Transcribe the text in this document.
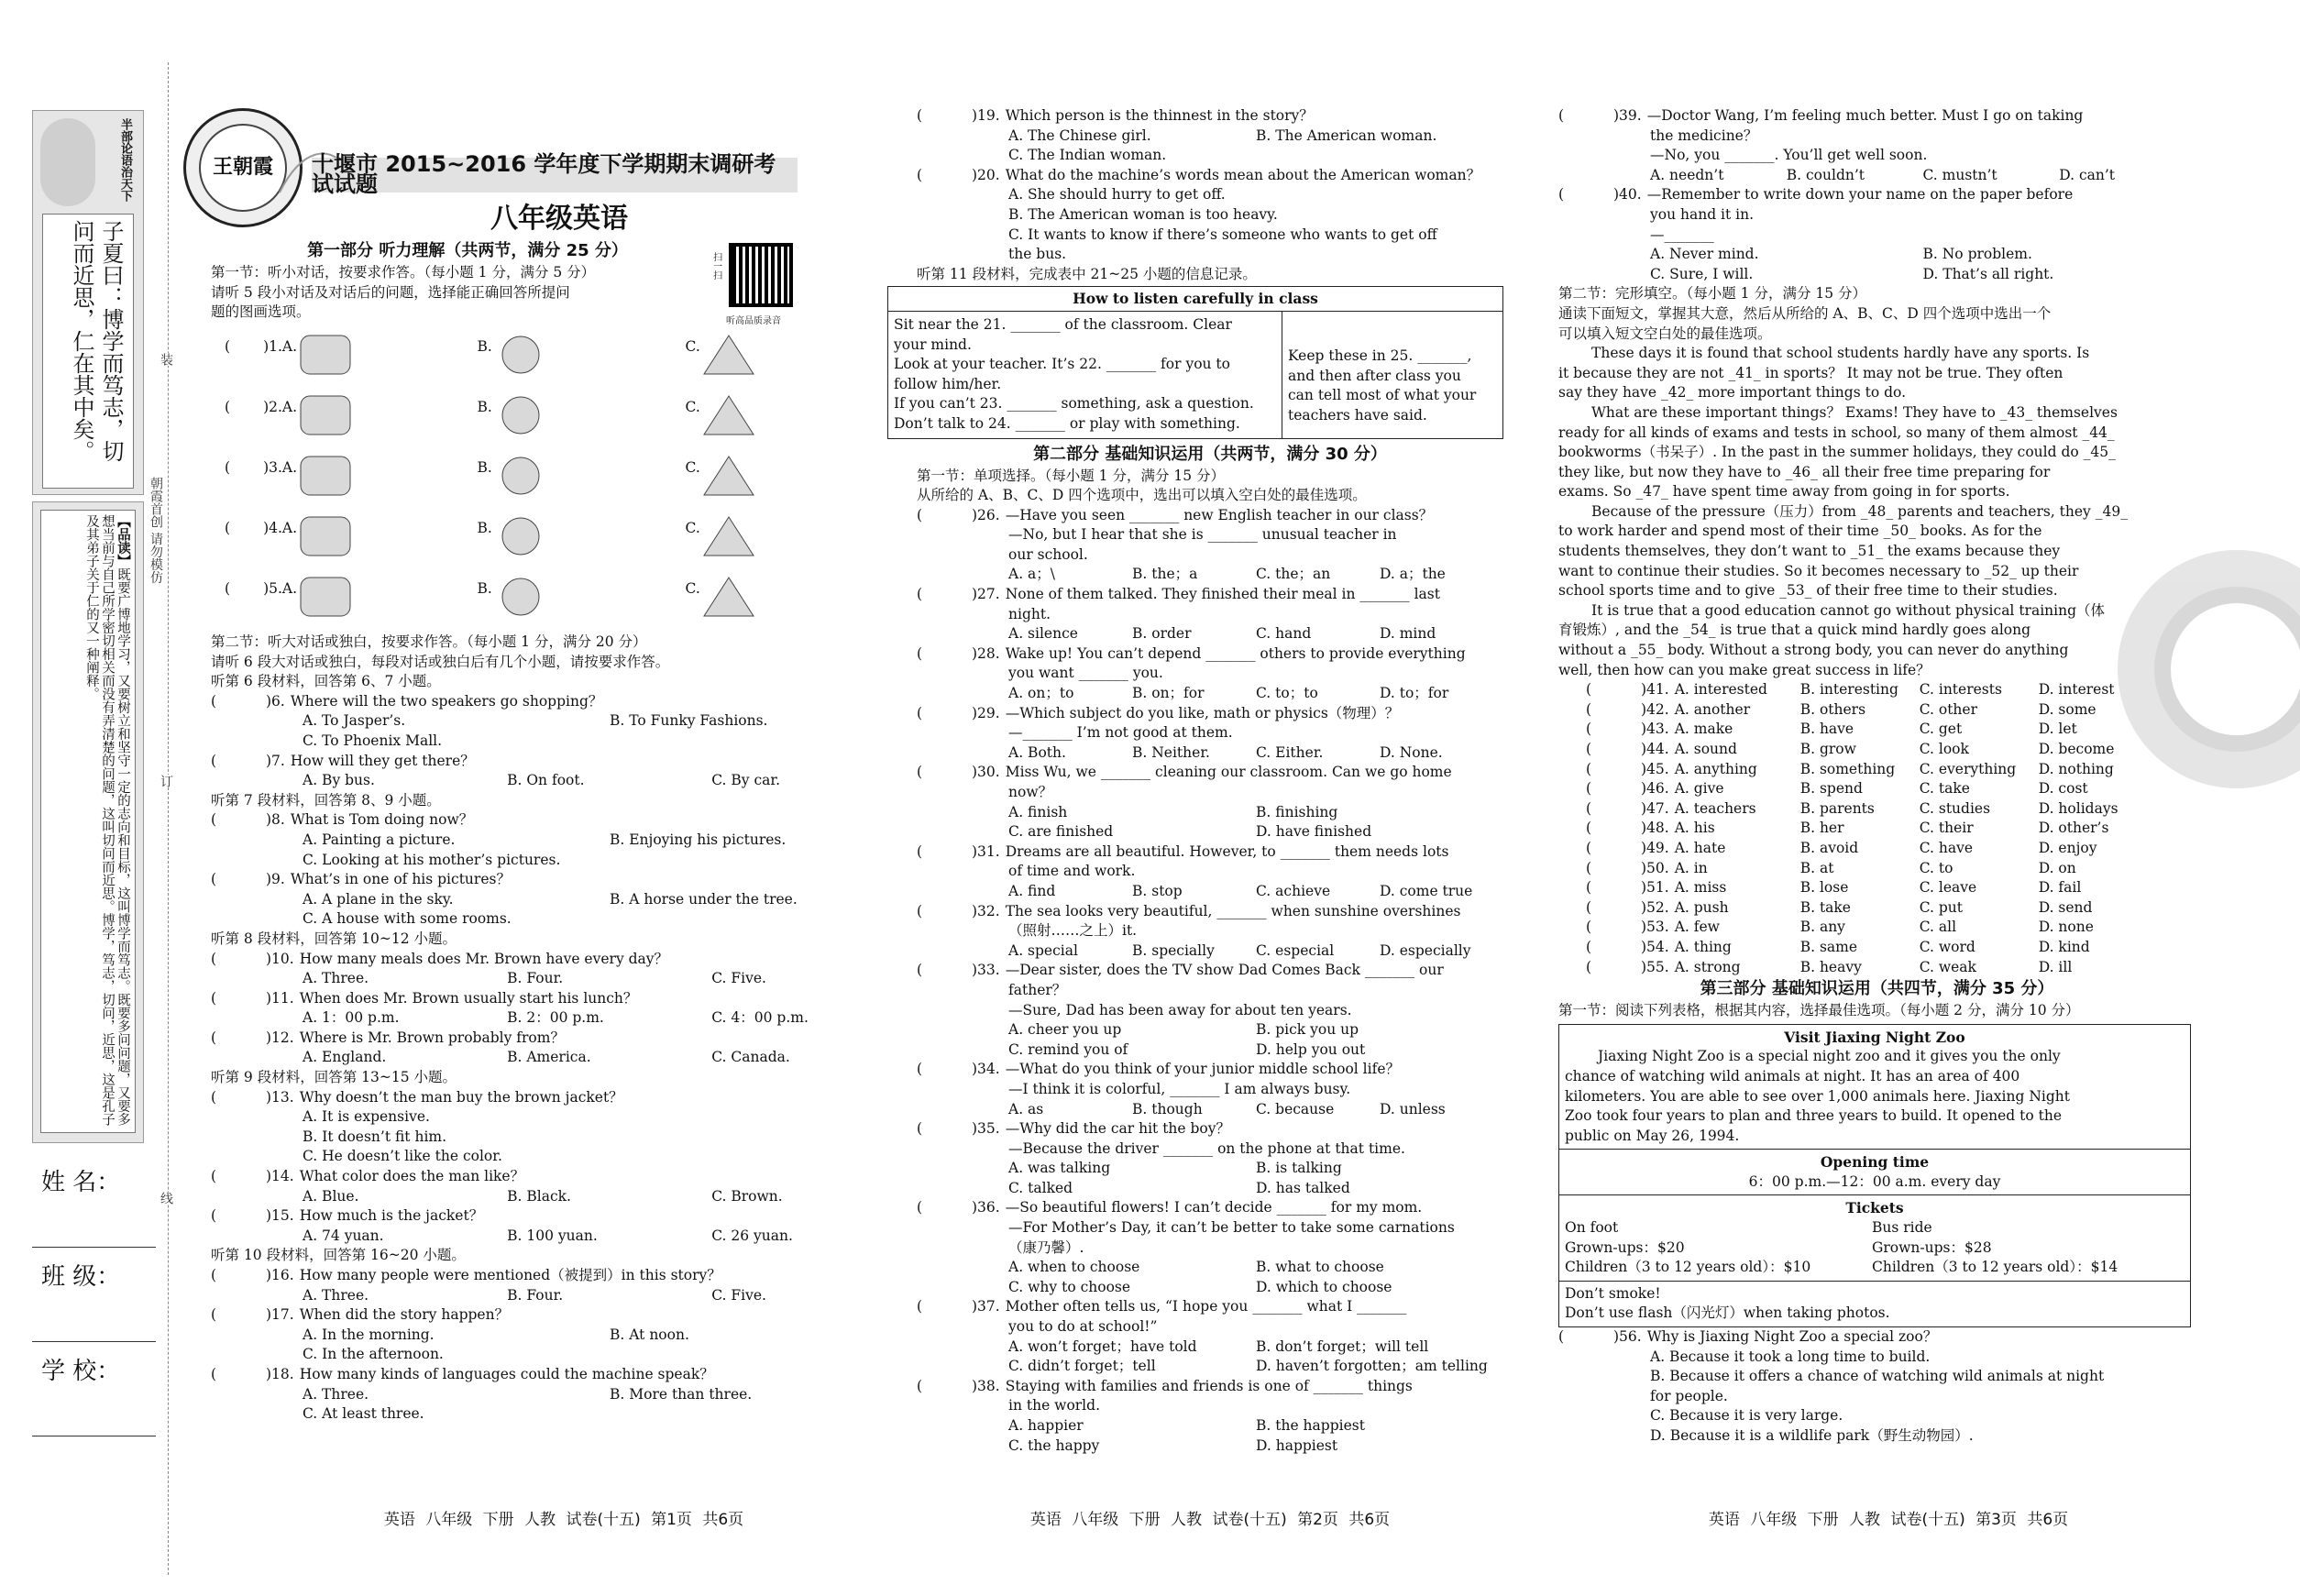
半部论语治天下
子夏曰：博学而笃志，切问而近思，仁在其中矣。
【品读】既要广博地学习，又要树立和坚守一定的志向和目标，这叫博学而笃志。既要多问问题，又要多想当前与自己所学密切相关而没有弄清楚的问题，这叫切问而近思。博学，笃志，切问，近思，这是孔子及其弟子关于仁的又一种阐释。
姓 名：
班 级：
学 校：
装
订
线
朝霞首创 请勿模仿
王朝霞	十堰市 2015~2016 学年度下学期期末调研考试试题
八年级英语
扫一扫
听高品质录音
第一部分 听力理解（共两节，满分 25 分）
第一节：听小对话，按要求作答。（每小题 1 分，满分 5 分）
请听 5 段小对话及对话后的问题，选择能正确回答所提问
题的图画选项。
( )1.A.	B.	C.
( )2.A.	B.	C.
( )3.A.	B.	C.
( )4.A.	B.	C.
( )5.A.	B.	C.
第二节：听大对话或独白，按要求作答。（每小题 1 分，满分 20 分）
请听 6 段大对话或独白，每段对话或独白后有几个小题，请按要求作答。
听第 6 段材料，回答第 6、7 小题。
(	)6. Where will the two speakers go shopping？
A. To Jasper’s.	B. To Funky Fashions.
C. To Phoenix Mall.
(	)7. How will they get there？
A. By bus.	B. On foot.	C. By car.
听第 7 段材料，回答第 8、9 小题。
(	)8. What is Tom doing now？
A. Painting a picture.	B. Enjoying his pictures.
C. Looking at his mother’s pictures.
(	)9. What’s in one of his pictures？
A. A plane in the sky.	B. A horse under the tree.
C. A house with some rooms.
听第 8 段材料，回答第 10~12 小题。
(	)10. How many meals does Mr. Brown have every day？
A. Three.	B. Four.	C. Five.
(	)11. When does Mr. Brown usually start his lunch？
A. 1：00 p.m.	B. 2：00 p.m.	C. 4：00 p.m.
(	)12. Where is Mr. Brown probably from？
A. England.	B. America.	C. Canada.
听第 9 段材料，回答第 13~15 小题。
(	)13. Why doesn’t the man buy the brown jacket？
A. It is expensive.
B. It doesn’t fit him.
C. He doesn’t like the color.
(	)14. What color does the man like？
A. Blue.	B. Black.	C. Brown.
(	)15. How much is the jacket？
A. 74 yuan.	B. 100 yuan.	C. 26 yuan.
听第 10 段材料，回答第 16~20 小题。
(	)16. How many people were mentioned（被提到）in this story？
A. Three.	B. Four.	C. Five.
(	)17. When did the story happen？
A. In the morning.	B. At noon.
C. In the afternoon.
(	)18. How many kinds of languages could the machine speak？
A. Three.	B. More than three.
C. At least three.
英语 八年级 下册 人教 试卷(十五) 第1页 共6页
(	)19. Which person is the thinnest in the story？
A. The Chinese girl.	B. The American woman.
C. The Indian woman.
(	)20. What do the machine’s words mean about the American woman？
A. She should hurry to get off.
B. The American woman is too heavy.
C. It wants to know if there’s someone who wants to get off
the bus.
听第 11 段材料，完成表中 21~25 小题的信息记录。
How to listen carefully in class
Sit near the 21. _______ of the classroom. Clear
your mind.
Look at your teacher. It’s 22. _______ for you to
follow him/her.
If you can’t 23. _______ something, ask a question.
Don’t talk to 24. _______ or play with something.
Keep these in 25. _______,
and then after class you
can tell most of what your
teachers have said.
第二部分 基础知识运用（共两节，满分 30 分）
第一节：单项选择。（每小题 1 分，满分 15 分）
从所给的 A、B、C、D 四个选项中，选出可以填入空白处的最佳选项。
(	)26. —Have you seen _______ new English teacher in our class？
—No, but I hear that she is _______ unusual teacher in
our school.
A. a；\	B. the；a	C. the；an	D. a；the
(	)27. None of them talked. They finished their meal in _______ last
night.
A. silence	B. order	C. hand	D. mind
(	)28. Wake up! You can’t depend _______ others to provide everything
you want _______ you.
A. on；to	B. on；for	C. to；to	D. to；for
(	)29. —Which subject do you like, math or physics（物理）？
—_______ I’m not good at them.
A. Both.	B. Neither.	C. Either.	D. None.
(	)30. Miss Wu, we _______ cleaning our classroom. Can we go home
now？
A. finish	B. finishing
C. are finished	D. have finished
(	)31. Dreams are all beautiful. However, to _______ them needs lots
of time and work.
A. find	B. stop	C. achieve	D. come true
(	)32. The sea looks very beautiful, _______ when sunshine overshines
（照射……之上）it.
A. special	B. specially	C. especial	D. especially
(	)33. —Dear sister, does the TV show Dad Comes Back _______ our
father？
—Sure, Dad has been away for about ten years.
A. cheer you up	B. pick you up
C. remind you of	D. help you out
(	)34. —What do you think of your junior middle school life？
—I think it is colorful, _______ I am always busy.
A. as	B. though	C. because	D. unless
(	)35. —Why did the car hit the boy？
—Because the driver _______ on the phone at that time.
A. was talking	B. is talking
C. talked	D. has talked
(	)36. —So beautiful flowers! I can’t decide _______ for my mom.
—For Mother’s Day, it can’t be better to take some carnations
（康乃馨）.
A. when to choose	B. what to choose
C. why to choose	D. which to choose
(	)37. Mother often tells us, “I hope you _______ what I _______
you to do at school!”
A. won’t forget；have told	B. don’t forget；will tell
C. didn’t forget；tell	D. haven’t forgotten；am telling
(	)38. Staying with families and friends is one of _______ things
in the world.
A. happier	B. the happiest
C. the happy	D. happiest
英语 八年级 下册 人教 试卷(十五) 第2页 共6页
(	)39. —Doctor Wang, I’m feeling much better. Must I go on taking
the medicine？
—No, you _______. You’ll get well soon.
A. needn’t	B. couldn’t	C. mustn’t	D. can’t
(	)40. —Remember to write down your name on the paper before
you hand it in.
—_______
A. Never mind.	B. No problem.
C. Sure, I will.	D. That’s all right.
第二节：完形填空。（每小题 1 分，满分 15 分）
通读下面短文，掌握其大意，然后从所给的 A、B、C、D 四个选项中选出一个
可以填入短文空白处的最佳选项。
These days it is found that school students hardly have any sports. Is
it because they are not _41_ in sports？ It may not be true. They often
say they have _42_ more important things to do.
What are these important things？ Exams! They have to _43_ themselves
ready for all kinds of exams and tests in school, so many of them almost _44_
bookworms（书呆子）. In the past in the summer holidays, they could do _45_
they like, but now they have to _46_ all their free time preparing for
exams. So _47_ have spent time away from going in for sports.
Because of the pressure（压力）from _48_ parents and teachers, they _49_
to work harder and spend most of their time _50_ books. As for the
students themselves, they don’t want to _51_ the exams because they
want to continue their studies. So it becomes necessary to _52_ up their
school sports time and to give _53_ of their free time to their studies.
It is true that a good education cannot go without physical training（体
育锻炼）, and the _54_ is true that a quick mind hardly goes along
without a _55_ body. Without a strong body, you can never do anything
well, then how can you make great success in life？
(	)41. A. interested B. interesting C. interests	D. interest
(	)42. A. another	B. others	C. other	D. some
(	)43. A. make	B. have	C. get	D. let
(	)44. A. sound	B. grow	C. look	D. become
(	)45. A. anything	B. something C. everything D. nothing
(	)46. A. give	B. spend	C. take	D. cost
(	)47. A. teachers	B. parents	C. studies	D. holidays
(	)48. A. his	B. her	C. their	D. other’s
(	)49. A. hate	B. avoid	C. have	D. enjoy
(	)50. A. in	B. at	C. to	D. on
(	)51. A. miss	B. lose	C. leave	D. fail
(	)52. A. push	B. take	C. put	D. send
(	)53. A. few	B. any	C. all	D. none
(	)54. A. thing	B. same	C. word	D. kind
(	)55. A. strong	B. heavy	C. weak	D. ill
第三部分 基础知识运用（共四节，满分 35 分）
第一节：阅读下列表格，根据其内容，选择最佳选项。（每小题 2 分，满分 10 分）
Visit Jiaxing Night Zoo
Jiaxing Night Zoo is a special night zoo and it gives you the only
chance of watching wild animals at night. It has an area of 400
kilometers. You are able to see over 1,000 animals here. Jiaxing Night
Zoo took four years to plan and three years to build. It opened to the
public on May 26, 1994.
Opening time
6：00 p.m.—12：00 a.m. every day
Tickets
On foot	Bus ride
Grown-ups：$20	Grown-ups：$28
Children（3 to 12 years old）：$10	Children（3 to 12 years old）：$14
Don’t smoke!
Don’t use flash（闪光灯）when taking photos.
(	)56. Why is Jiaxing Night Zoo a special zoo？
A. Because it took a long time to build.
B. Because it offers a chance of watching wild animals at night
for people.
C. Because it is very large.
D. Because it is a wildlife park（野生动物园）.
英语 八年级 下册 人教 试卷(十五) 第3页 共6页
